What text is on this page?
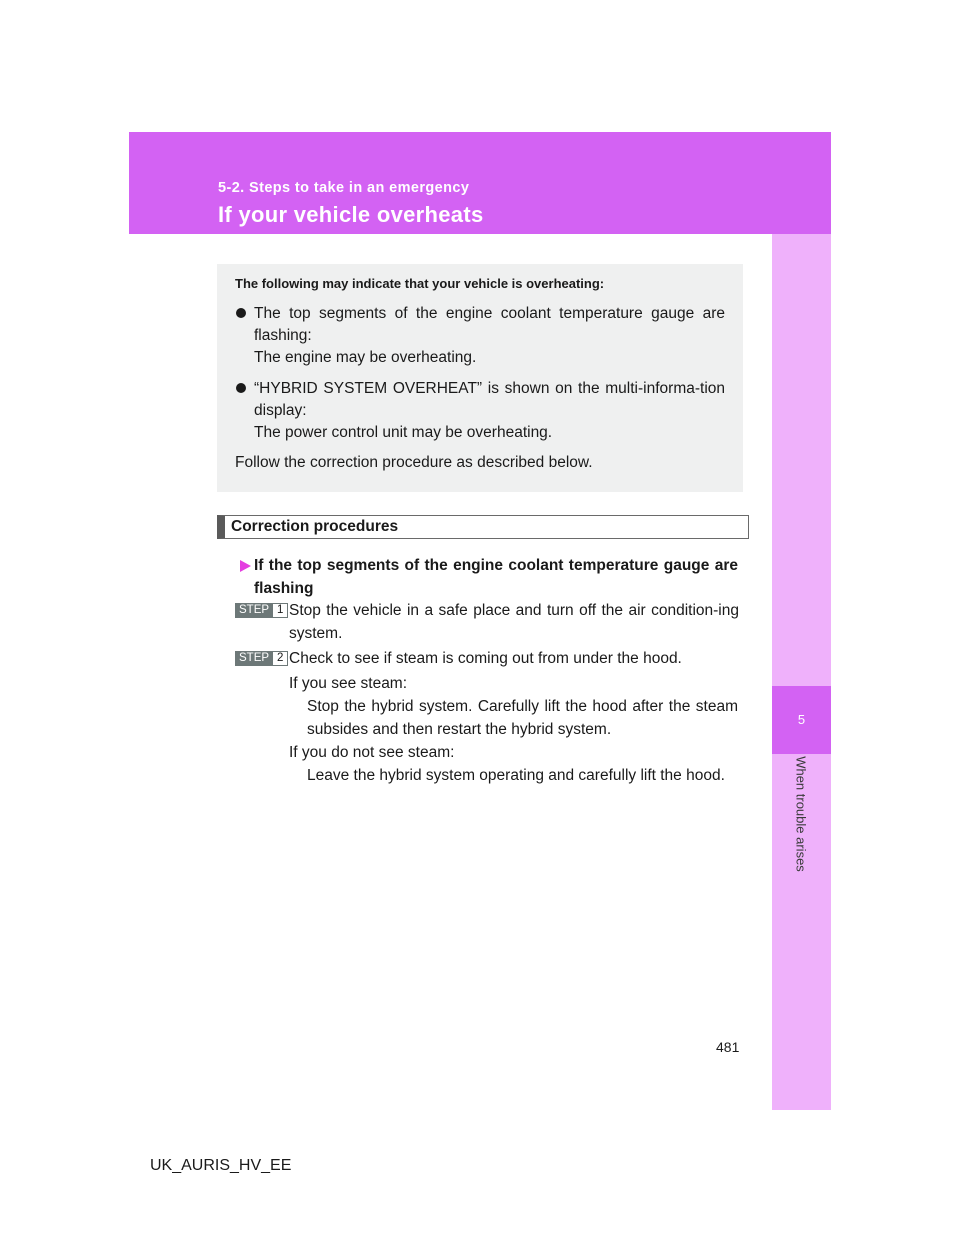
5-2. Steps to take in an emergency
If your vehicle overheats
5
When trouble arises
The following may indicate that your vehicle is overheating:
The top segments of the engine coolant temperature gauge are flashing:
The engine may be overheating.
“HYBRID SYSTEM OVERHEAT” is shown on the multi-informa-tion display:
The power control unit may be overheating.
Follow the correction procedure as described below.
Correction procedures
If the top segments of the engine coolant temperature gauge are flashing
STEP 1 Stop the vehicle in a safe place and turn off the air condition-ing system.
STEP 2 Check to see if steam is coming out from under the hood.
If you see steam:
Stop the hybrid system. Carefully lift the hood after the steam subsides and then restart the hybrid system.
If you do not see steam:
Leave the hybrid system operating and carefully lift the hood.
481
UK_AURIS_HV_EE
